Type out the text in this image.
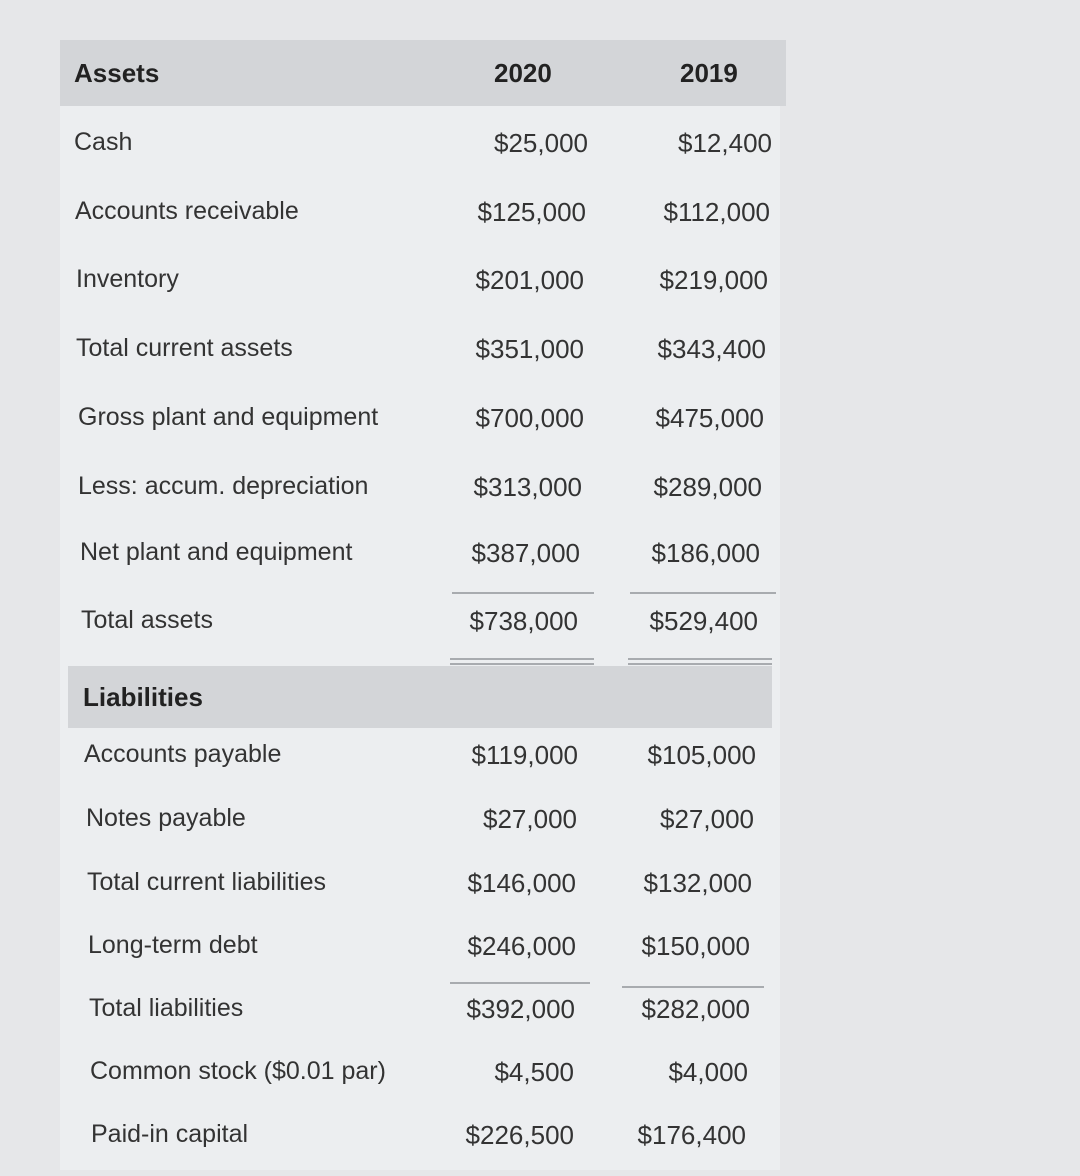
Assets	2020	2019
Cash	$25,000	$12,400
Accounts receivable	$125,000	$112,000
Inventory	$201,000	$219,000
Total current assets	$351,000	$343,400
Gross plant and equipment	$700,000	$475,000
Less: accum. depreciation	$313,000	$289,000
Net plant and equipment	$387,000	$186,000
Total assets	$738,000	$529,400
Liabilities
Accounts payable	$119,000	$105,000
Notes payable	$27,000	$27,000
Total current liabilities	$146,000	$132,000
Long-term debt	$246,000	$150,000
Total liabilities	$392,000	$282,000
Common stock ($0.01 par)	$4,500	$4,000
Paid-in capital	$226,500	$176,400
